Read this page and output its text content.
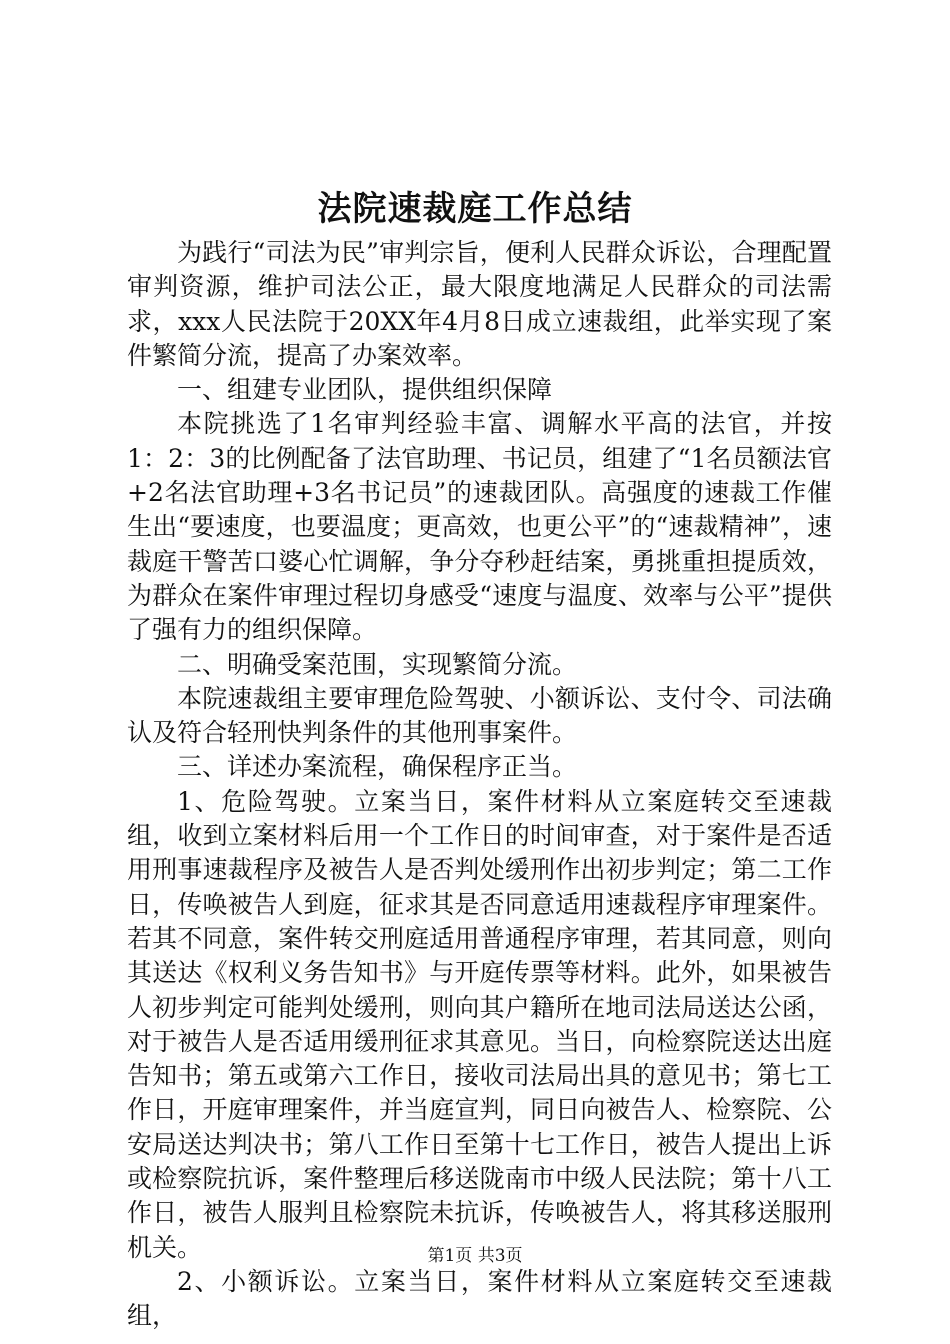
法院速裁庭工作总结

为践行“司法为民”审判宗旨，便利人民群众诉讼，合理配置审判资源，维护司法公正，最大限度地满足人民群众的司法需求，xxx人民法院于20XX年4月8日成立速裁组，此举实现了案件繁简分流，提高了办案效率。

一、组建专业团队，提供组织保障

本院挑选了1名审判经验丰富、调解水平高的法官，并按1：2：3的比例配备了法官助理、书记员，组建了“1名员额法官+2名法官助理+3名书记员”的速裁团队。高强度的速裁工作催生出“要速度，也要温度；更高效，也更公平”的“速裁精神”，速裁庭干警苦口婆心忙调解，争分夺秒赶结案，勇挑重担提质效，为群众在案件审理过程切身感受“速度与温度、效率与公平”提供了强有力的组织保障。

二、明确受案范围，实现繁简分流。

本院速裁组主要审理危险驾驶、小额诉讼、支付令、司法确认及符合轻刑快判条件的其他刑事案件。

三、详述办案流程，确保程序正当。

1、危险驾驶。立案当日，案件材料从立案庭转交至速裁组，收到立案材料后用一个工作日的时间审查，对于案件是否适用刑事速裁程序及被告人是否判处缓刑作出初步判定；第二工作日，传唤被告人到庭，征求其是否同意适用速裁程序审理案件。若其不同意，案件转交刑庭适用普通程序审理，若其同意，则向其送达《权利义务告知书》与开庭传票等材料。此外，如果被告人初步判定可能判处缓刑，则向其户籍所在地司法局送达公函，对于被告人是否适用缓刑征求其意见。当日，向检察院送达出庭告知书；第五或第六工作日，接收司法局出具的意见书；第七工作日，开庭审理案件，并当庭宣判，同日向被告人、检察院、公安局送达判决书；第八工作日至第十七工作日，被告人提出上诉或检察院抗诉，案件整理后移送陇南市中级人民法院；第十八工作日，被告人服判且检察院未抗诉，传唤被告人，将其移送服刑机关。

2、小额诉讼。立案当日，案件材料从立案庭转交至速裁组，

第1页 共3页
